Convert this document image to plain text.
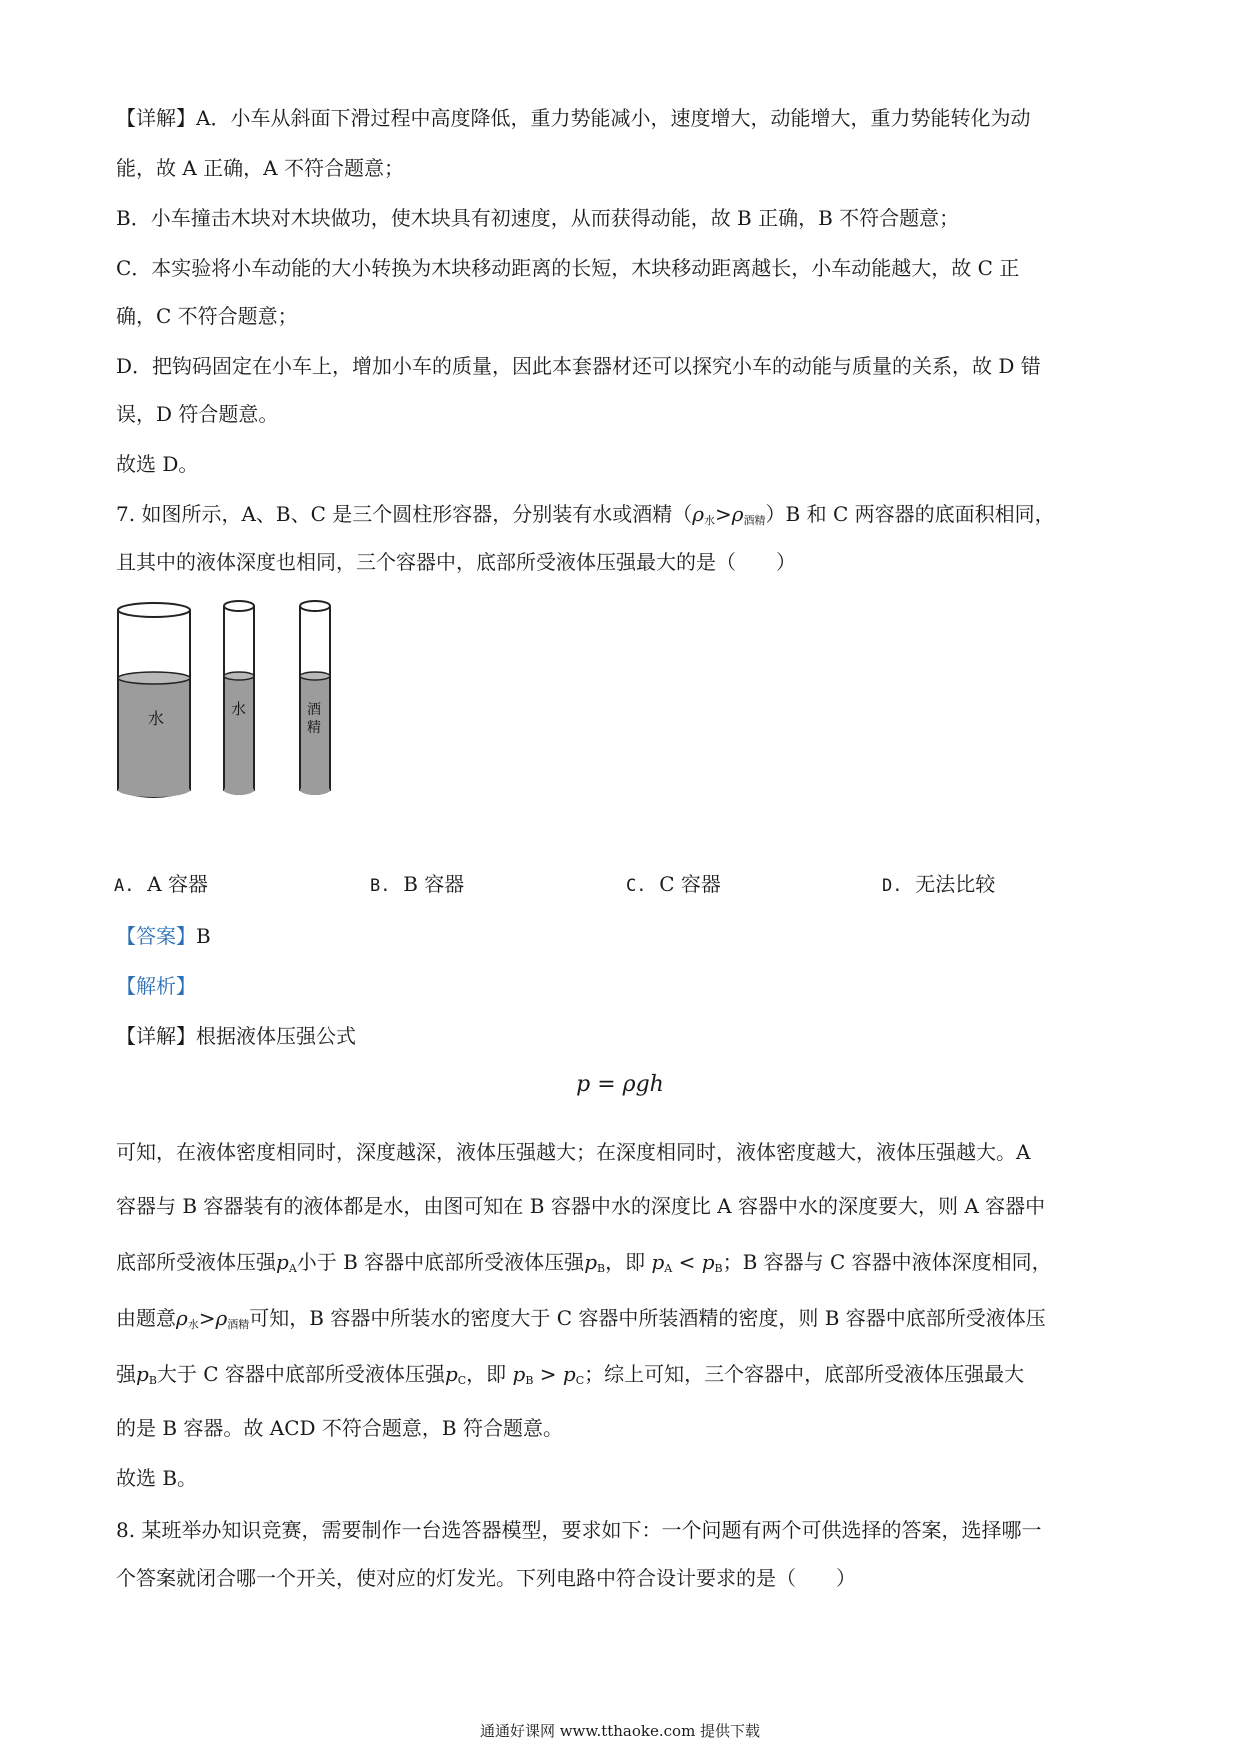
【详解】A．小车从斜面下滑过程中高度降低，重力势能减小，速度增大，动能增大，重力势能转化为动
能，故 A 正确，A 不符合题意；
B．小车撞击木块对木块做功，使木块具有初速度，从而获得动能，故 B 正确，B 不符合题意；
C．本实验将小车动能的大小转换为木块移动距离的长短，木块移动距离越长，小车动能越大，故 C 正
确，C 不符合题意；
D．把钩码固定在小车上，增加小车的质量，因此本套器材还可以探究小车的动能与质量的关系，故 D 错
误，D 符合题意。
故选 D。
7. 如图所示，A、B、C 是三个圆柱形容器，分别装有水或酒精$(\rho_水>\rho_{酒精})B$ 和 C 两容器的底面积相同，
且其中的液体深度也相同，三个容器中，底部所受液体压强最大的是（　　）
水	水	酒
精
A. A 容器	B. B 容器	C. C 容器	D. 无法比较
【答案】B
【解析】
【详解】根据液体压强公式
p = ρgh
可知，在液体密度相同时，深度越深，液体压强越大；在深度相同时，液体密度越大，液体压强越大。A
容器与 B 容器装有的液体都是水，由图可知在 B 容器中水的深度比 A 容器中水的深度要大，则 A 容器中
底部所受液体压强$p_A$小于 B 容器中底部所受液体压强$p_B$，即 $p_A < p_B$；B 容器与 C 容器中液体深度相同，
由题意$\rho_水>\rho_{酒精}$可知，B 容器中所装水的密度大于 C 容器中所装酒精的密度，则 B 容器中底部所受液体压
强$p_B$大于 C 容器中底部所受液体压强$p_C$，即 $p_B > p_C$；综上可知，三个容器中，底部所受液体压强最大
的是 B 容器。故 ACD 不符合题意，B 符合题意。
故选 B。
8. 某班举办知识竞赛，需要制作一台选答器模型，要求如下：一个问题有两个可供选择的答案，选择哪一
个答案就闭合哪一个开关，使对应的灯发光。下列电路中符合设计要求的是（　　）
通通好课网 www.tthaoke.com 提供下载
